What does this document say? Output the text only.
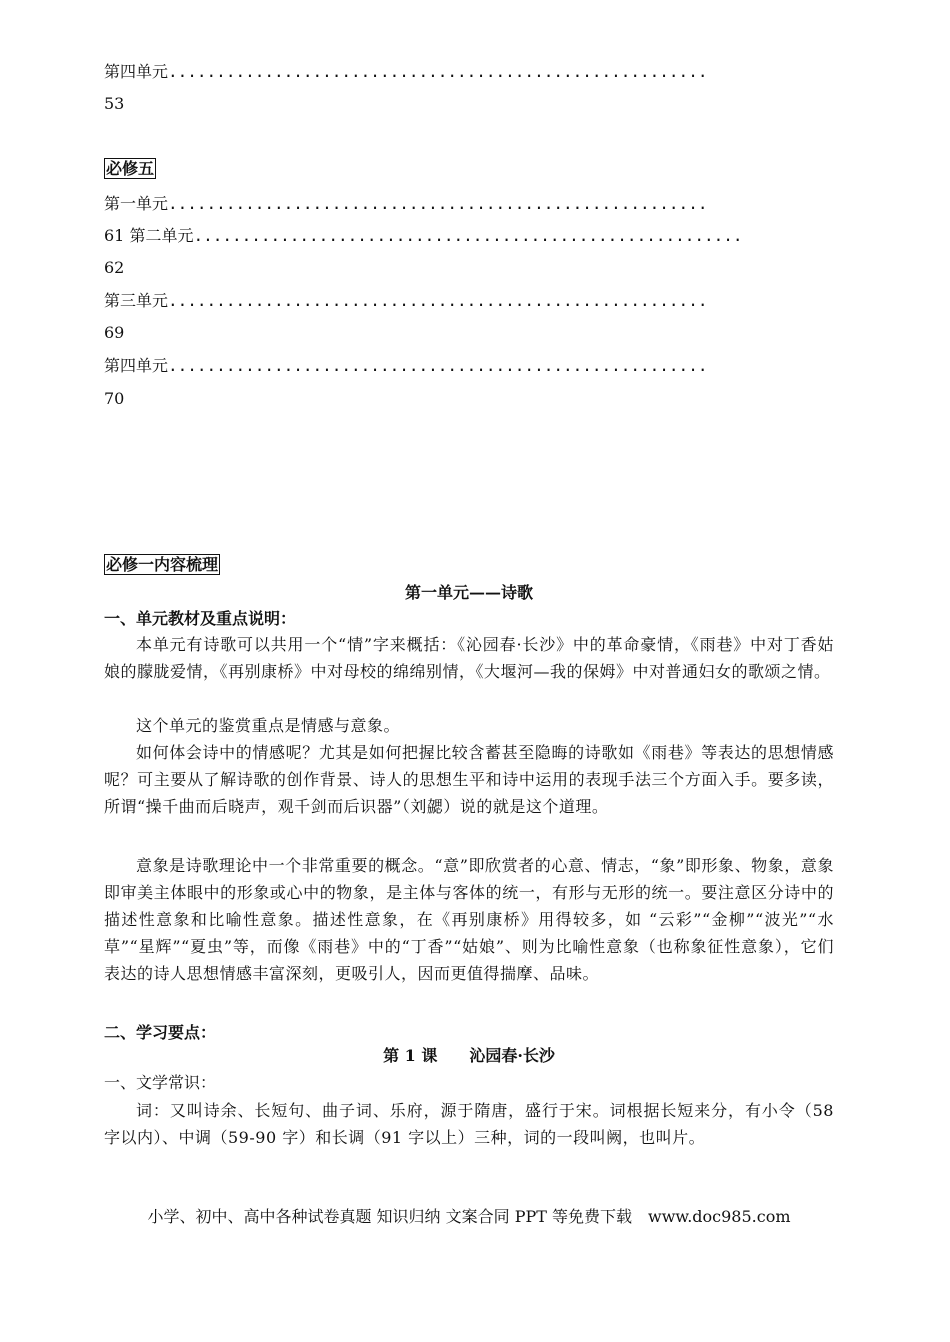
第四单元........................................................
53
必修五
第一单元........................................................
61 第二单元.........................................................
62
第三单元........................................................
69
第四单元........................................................
70
必修一内容梳理
第一单元——诗歌
一、单元教材及重点说明：
本单元有诗歌可以共用一个“情”字来概括：《沁园春·长沙》中的革命豪情，《雨巷》中对丁香姑娘的朦胧爱情，《再别康桥》中对母校的绵绵别情，《大堰河—我的保姆》中对普通妇女的歌颂之情。
这个单元的鉴赏重点是情感与意象。
如何体会诗中的情感呢？尤其是如何把握比较含蓄甚至隐晦的诗歌如《雨巷》等表达的思想情感呢？可主要从了解诗歌的创作背景、诗人的思想生平和诗中运用的表现手法三个方面入手。要多读，所谓“操千曲而后晓声，观千剑而后识器”（刘勰）说的就是这个道理。
意象是诗歌理论中一个非常重要的概念。“意”即欣赏者的心意、情志，“象”即形象、物象，意象即审美主体眼中的形象或心中的物象，是主体与客体的统一，有形与无形的统一。要注意区分诗中的描述性意象和比喻性意象。描述性意象，在《再别康桥》用得较多，如 “云彩”“金柳”“波光”“水草”“星辉”“夏虫”等，而像《雨巷》中的“丁香”“姑娘”、则为比喻性意象（也称象征性意象），它们表达的诗人思想情感丰富深刻，更吸引人，因而更值得揣摩、品味。
二、学习要点：
第 1 课　　沁园春·长沙
一、文学常识：
词：又叫诗余、长短句、曲子词、乐府，源于隋唐，盛行于宋。词根据长短来分，有小令（58 字以内）、中调（59-90 字）和长调（91 字以上）三种，词的一段叫阙，也叫片。
小学、初中、高中各种试卷真题 知识归纳 文案合同 PPT 等免费下载　www.doc985.com
